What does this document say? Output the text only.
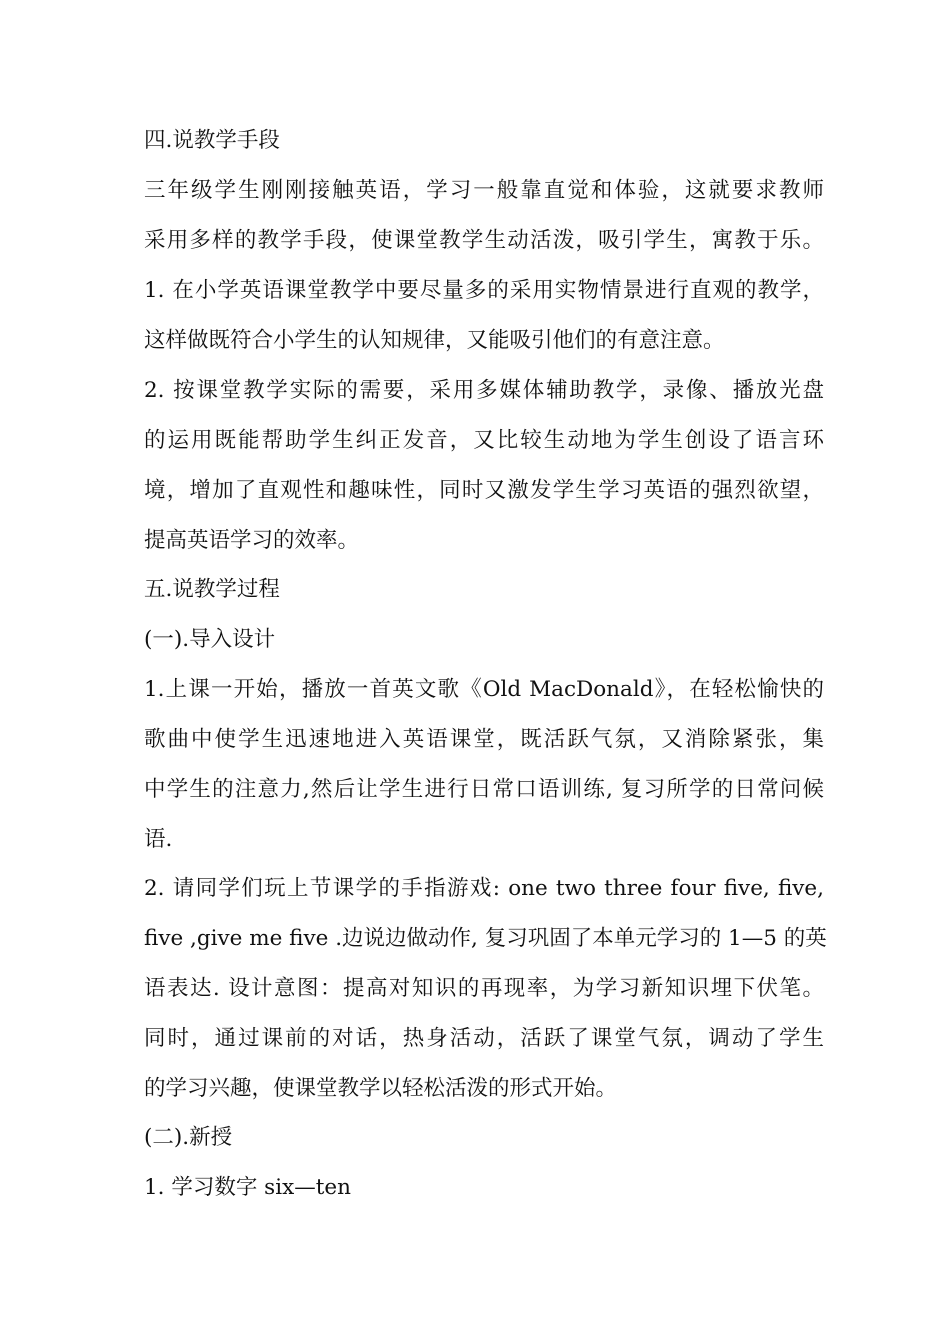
四.说教学手段
三年级学生刚刚接触英语，学习一般靠直觉和体验，这就要求教师
采用多样的教学手段，使课堂教学生动活泼，吸引学生，寓教于乐。
1. 在小学英语课堂教学中要尽量多的采用实物情景进行直观的教学，
这样做既符合小学生的认知规律，又能吸引他们的有意注意。
2. 按课堂教学实际的需要，采用多媒体辅助教学，录像、播放光盘
的运用既能帮助学生纠正发音，又比较生动地为学生创设了语言环
境，增加了直观性和趣味性，同时又激发学生学习英语的强烈欲望，
提高英语学习的效率。
五.说教学过程
(一).导入设计
1.上课一开始，播放一首英文歌《Old MacDonald》，在轻松愉快的
歌曲中使学生迅速地进入英语课堂，既活跃气氛，又消除紧张，集
中学生的注意力,然后让学生进行日常口语训练, 复习所学的日常问候
语.
2. 请同学们玩上节课学的手指游戏: one two three four five, five,
five ,give me five .边说边做动作, 复习巩固了本单元学习的 1—5 的英
语表达. 设计意图：提高对知识的再现率，为学习新知识埋下伏笔。
同时，通过课前的对话，热身活动，活跃了课堂气氛，调动了学生
的学习兴趣，使课堂教学以轻松活泼的形式开始。
(二).新授
1. 学习数字 six—ten
